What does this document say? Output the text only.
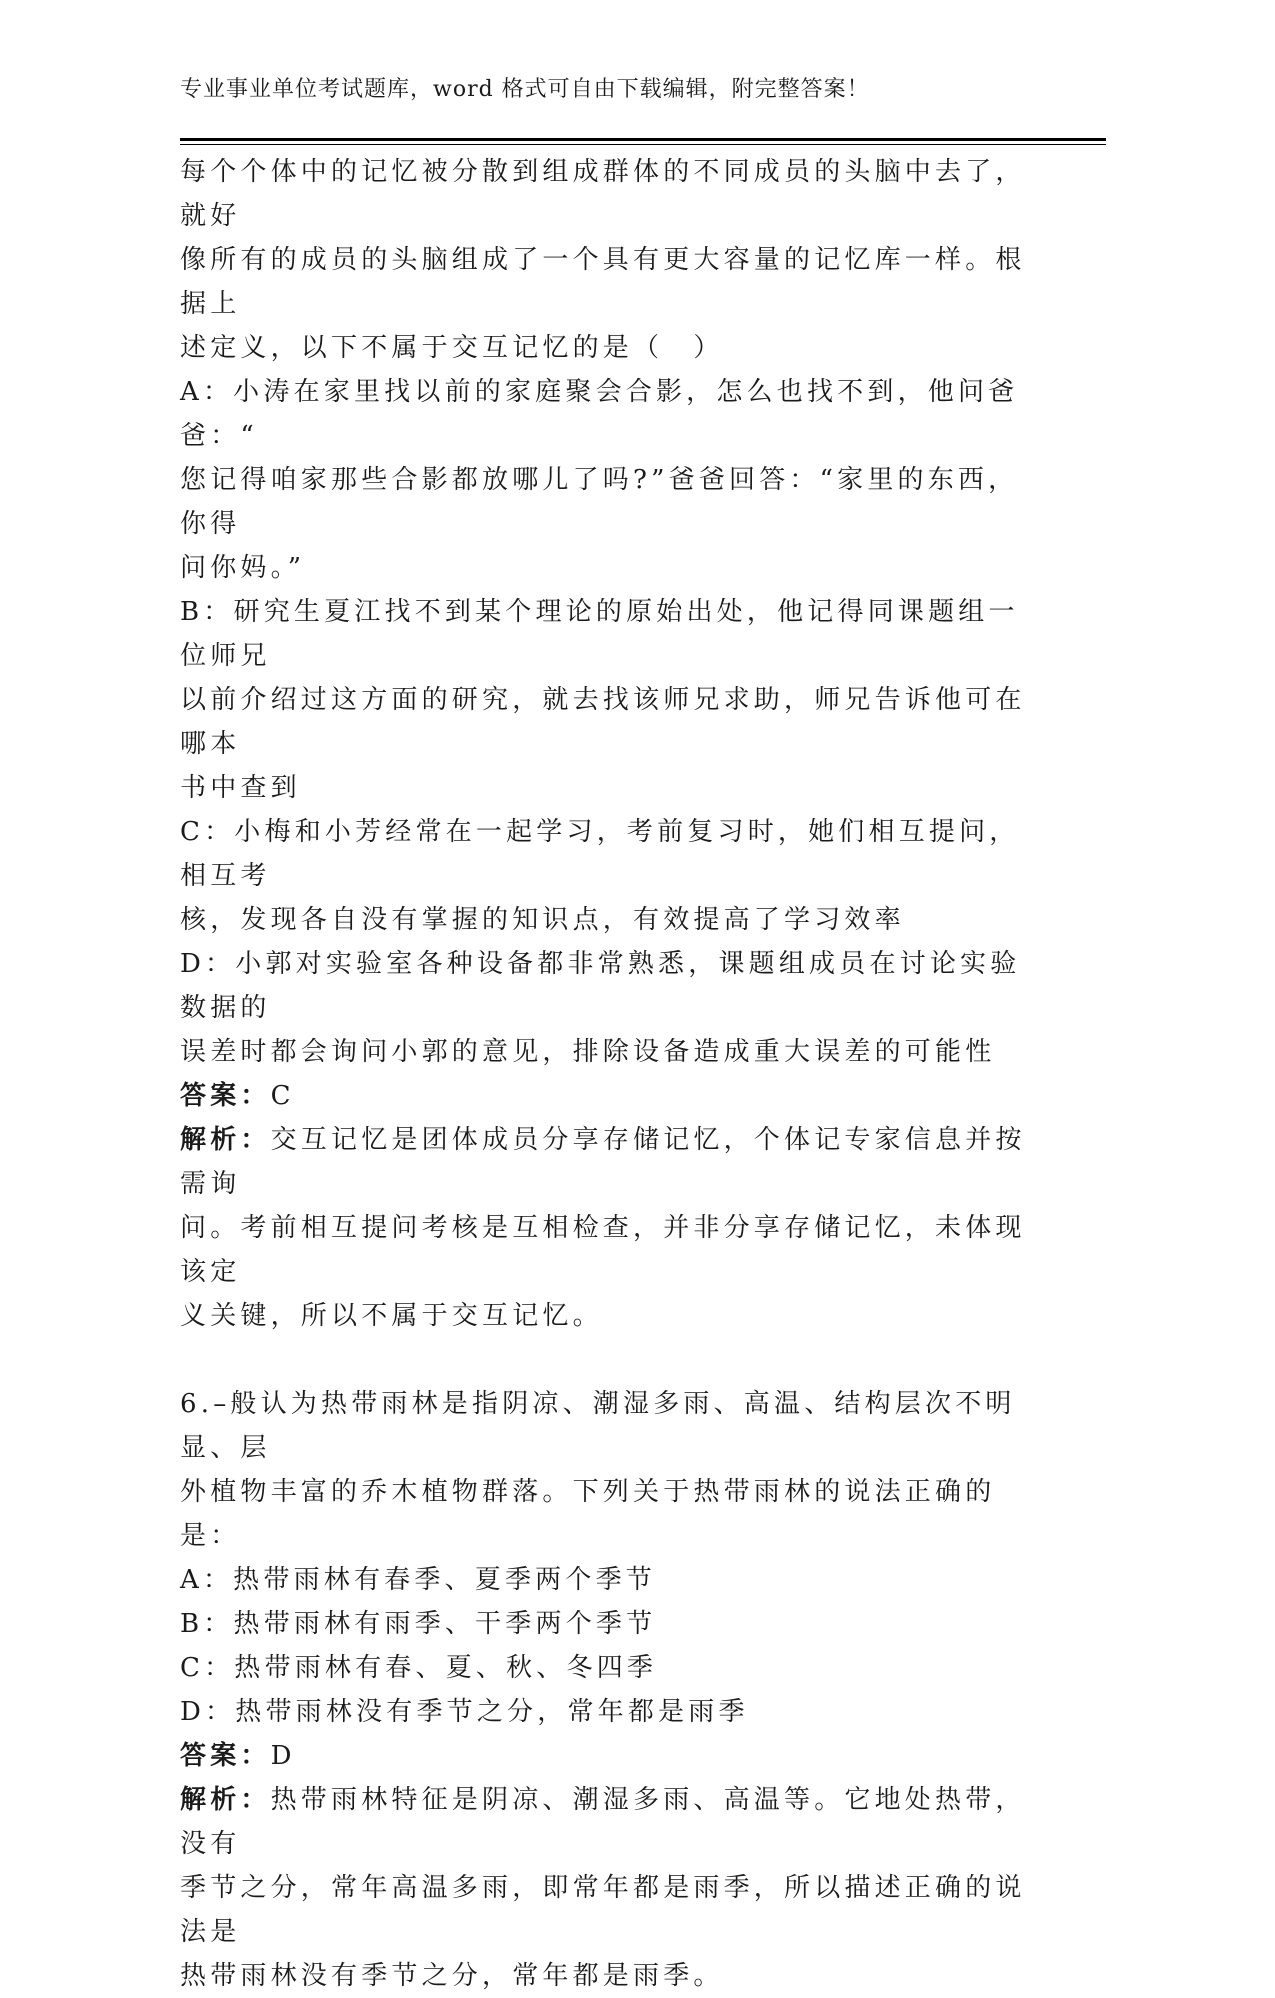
专业事业单位考试题库，word 格式可自由下载编辑，附完整答案！

每个个体中的记忆被分散到组成群体的不同成员的头脑中去了，就好

像所有的成员的头脑组成了一个具有更大容量的记忆库一样。根据上

述定义，以下不属于交互记忆的是（　）

A：小涛在家里找以前的家庭聚会合影，怎么也找不到，他问爸爸：“

您记得咱家那些合影都放哪儿了吗?”爸爸回答：“家里的东西，你得

问你妈。”

B：研究生夏江找不到某个理论的原始出处，他记得同课题组一位师兄

以前介绍过这方面的研究，就去找该师兄求助，师兄告诉他可在哪本

书中查到

C：小梅和小芳经常在一起学习，考前复习时，她们相互提问，相互考

核，发现各自没有掌握的知识点，有效提高了学习效率

D：小郭对实验室各种设备都非常熟悉，课题组成员在讨论实验数据的

误差时都会询问小郭的意见，排除设备造成重大误差的可能性

答案：C

解析：交互记忆是团体成员分享存储记忆，个体记专家信息并按需询

问。考前相互提问考核是互相检查，并非分享存储记忆，未体现该定

义关键，所以不属于交互记忆。

6.–般认为热带雨林是指阴凉、潮湿多雨、高温、结构层次不明显、层

外植物丰富的乔木植物群落。下列关于热带雨林的说法正确的是：

A：热带雨林有春季、夏季两个季节

B：热带雨林有雨季、干季两个季节

C：热带雨林有春、夏、秋、冬四季

D：热带雨林没有季节之分，常年都是雨季

答案：D

解析：热带雨林特征是阴凉、潮湿多雨、高温等。它地处热带，没有

季节之分，常年高温多雨，即常年都是雨季，所以描述正确的说法是

热带雨林没有季节之分，常年都是雨季。
